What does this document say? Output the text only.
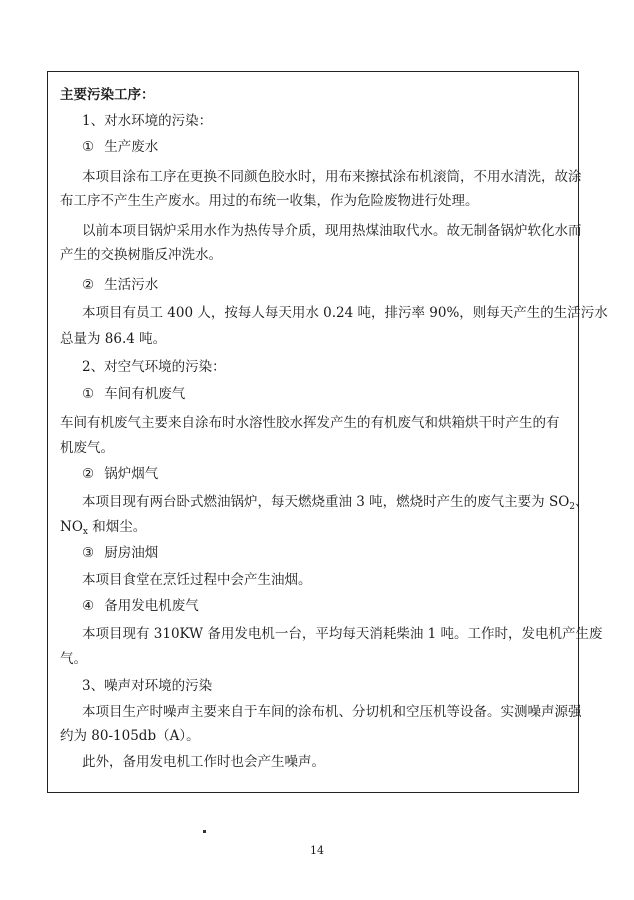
主要污染工序：
1、对水环境的污染：
① 生产废水
本项目涂布工序在更换不同颜色胶水时，用布来擦拭涂布机滚筒，不用水清洗，故涂
布工序不产生生产废水。用过的布统一收集，作为危险废物进行处理。
以前本项目锅炉采用水作为热传导介质，现用热煤油取代水。故无制备锅炉软化水而
产生的交换树脂反冲洗水。
② 生活污水
本项目有员工 400 人，按每人每天用水 0.24 吨，排污率 90%，则每天产生的生活污水
总量为 86.4 吨。
2、对空气环境的污染：
① 车间有机废气
车间有机废气主要来自涂布时水溶性胶水挥发产生的有机废气和烘箱烘干时产生的有
机废气。
② 锅炉烟气
本项目现有两台卧式燃油锅炉，每天燃烧重油 3 吨，燃烧时产生的废气主要为 $SO_2$、
$NO_x$ 和烟尘。
③ 厨房油烟
本项目食堂在烹饪过程中会产生油烟。
④ 备用发电机废气
本项目现有 310KW 备用发电机一台，平均每天消耗柴油 1 吨。工作时，发电机产生废
气。
3、噪声对环境的污染
本项目生产时噪声主要来自于车间的涂布机、分切机和空压机等设备。实测噪声源强
约为 80-105db（A）。
此外，备用发电机工作时也会产生噪声。
14
